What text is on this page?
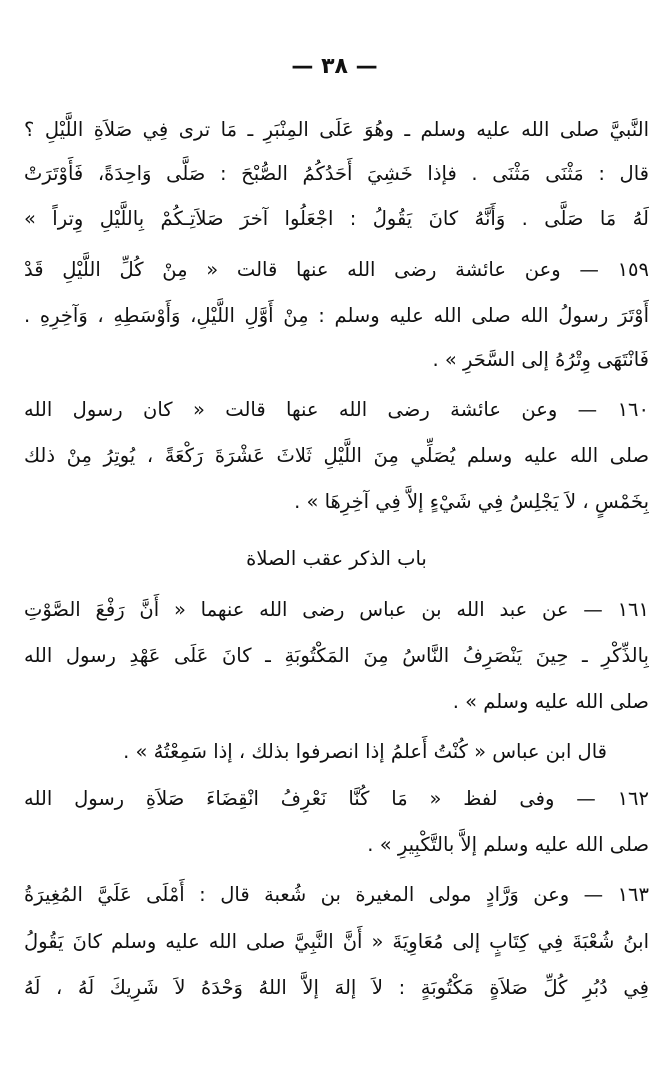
— ٣٨ —
النَّبيَّ صلى الله عليه وسلم ـ وهُوَ عَلَى المِنْبَرِ ـ مَا ترى فِي صَلاَةِ اللَّيْلِ ؟
قال : مَثْنَى مَثْنَى . فإذا خَشِيَ أَحَدُكُمُ الصُّبْحَ : صَلَّى وَاحِدَةً، فَأَوْتَرَتْ
لَهُ مَا صَلَّى . وَأَنَّهُ كانَ يَقُولُ : اجْعَلُوا آخرَ صَلاَتِـكُمْ بِاللَّيْلِ وِتراً »
١٥٩ — وعن عائشة رضى الله عنها قالت « مِنْ كُلِّ اللَّيْلِ قَدْ
أَوْتَرَ رسولُ الله صلى الله عليه وسلم : مِنْ أَوَّلِ اللَّيْلِ، وَأَوْسَطِهِ ، وَآخِرِهِ .
فَانْتَهَى وِتْرُهُ إلى السَّحَرِ » .
١٦٠ — وعن عائشة رضى الله عنها قالت « كان رسول الله
صلى الله عليه وسلم يُصَلِّي مِنَ اللَّيْلِ ثَلاثَ عَشْرَةَ رَكْعَةً ، يُوتِرُ مِنْ ذلك
بِخَمْسٍ ، لاَ يَجْلِسُ فِي شَيْءٍ إلاَّ فِي آخِرِهَا » .
باب الذكر عقب الصلاة
١٦١ — عن عبد الله بن عباس رضى الله عنهما « أَنَّ رَفْعَ الصَّوْتِ
بِالذِّكْرِ ـ حِينَ يَنْصَرِفُ النَّاسُ مِنَ المَكْتُوبَةِ ـ كانَ عَلَى عَهْدِ رسول الله
صلى الله عليه وسلم » .
قال ابن عباس « كُنْتُ أَعلمُ إذا انصرفوا بذلك ، إذا سَمِعْتُهُ » .
١٦٢ — وفى لفظ « مَا كُنَّا نَعْرِفُ انْقِضَاءَ صَلاَةِ رسول الله
صلى الله عليه وسلم إلاَّ بالتَّكْبِيرِ » .
١٦٣ — وعن وَرَّادٍ مولى المغيرة بن شُعبة قال : أَمْلَى عَلَيَّ المُغِيرَةُ
ابنُ شُعْبَةَ فِي كِتَابٍ إلى مُعَاوِيَةَ « أَنَّ النَّبِيَّ صلى الله عليه وسلم كانَ يَقُولُ
فِي دُبُرِ كُلِّ صَلاَةٍ مَكْتُوبَةٍ : لاَ إلهَ إلاَّ اللهُ وَحْدَهُ لاَ شَرِيكَ لَهُ ، لَهُ
